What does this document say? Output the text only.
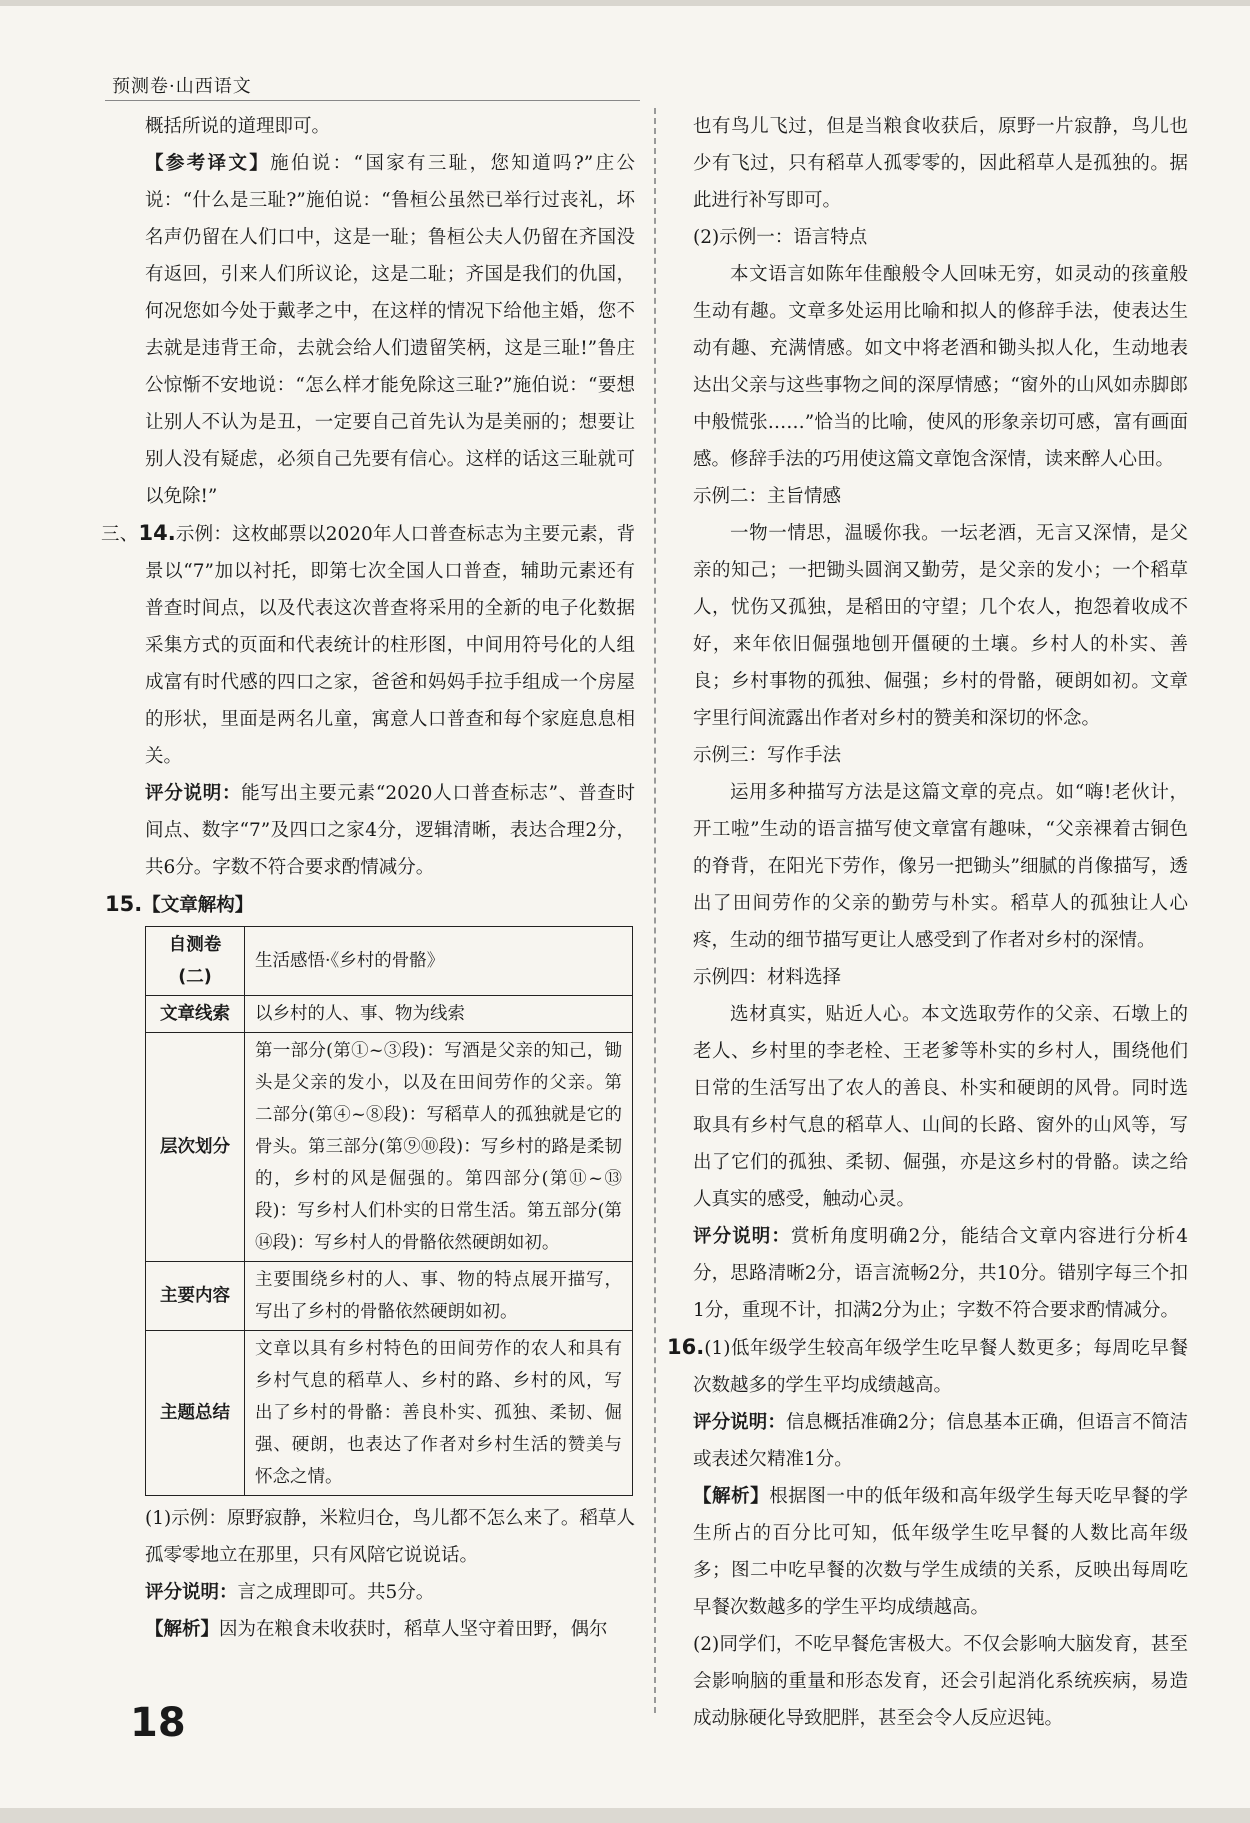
预测卷·山西语文

概括所说的道理即可。

【参考译文】施伯说：“国家有三耻，您知道吗?”庄公说：“什么是三耻?”施伯说：“鲁桓公虽然已举行过丧礼，坏名声仍留在人们口中，这是一耻；鲁桓公夫人仍留在齐国没有返回，引来人们所议论，这是二耻；齐国是我们的仇国，何况您如今处于戴孝之中，在这样的情况下给他主婚，您不去就是违背王命，去就会给人们遗留笑柄，这是三耻!”鲁庄公惊惭不安地说：“怎么样才能免除这三耻?”施伯说：“要想让别人不认为是丑，一定要自己首先认为是美丽的；想要让别人没有疑虑，必须自己先要有信心。这样的话这三耻就可以免除!”

三、14.示例：这枚邮票以2020年人口普查标志为主要元素，背景以“7”加以衬托，即第七次全国人口普查，辅助元素还有普查时间点，以及代表这次普查将采用的全新的电子化数据采集方式的页面和代表统计的柱形图，中间用符号化的人组成富有时代感的四口之家，爸爸和妈妈手拉手组成一个房屋的形状，里面是两名儿童，寓意人口普查和每个家庭息息相关。

评分说明：能写出主要元素“2020人口普查标志”、普查时间点、数字“7”及四口之家4分，逻辑清晰，表达合理2分，共6分。字数不符合要求酌情减分。

15.【文章解构】

自测卷(二)	生活感悟·《乡村的骨骼》
文章线索	以乡村的人、事、物为线索
层次划分	第一部分(第①~③段)：写酒是父亲的知己，锄头是父亲的发小，以及在田间劳作的父亲。第二部分(第④~⑧段)：写稻草人的孤独就是它的骨头。第三部分(第⑨⑩段)：写乡村的路是柔韧的，乡村的风是倔强的。第四部分(第⑪~⑬段)：写乡村人们朴实的日常生活。第五部分(第⑭段)：写乡村人的骨骼依然硬朗如初。
主要内容	主要围绕乡村的人、事、物的特点展开描写，写出了乡村的骨骼依然硬朗如初。
主题总结	文章以具有乡村特色的田间劳作的农人和具有乡村气息的稻草人、乡村的路、乡村的风，写出了乡村的骨骼：善良朴实、孤独、柔韧、倔强、硬朗，也表达了作者对乡村生活的赞美与怀念之情。

(1)示例：原野寂静，米粒归仓，鸟儿都不怎么来了。稻草人孤零零地立在那里，只有风陪它说说话。

评分说明：言之成理即可。共5分。

【解析】因为在粮食未收获时，稻草人坚守着田野，偶尔

也有鸟儿飞过，但是当粮食收获后，原野一片寂静，鸟儿也少有飞过，只有稻草人孤零零的，因此稻草人是孤独的。据此进行补写即可。

(2)示例一：语言特点

本文语言如陈年佳酿般令人回味无穷，如灵动的孩童般生动有趣。文章多处运用比喻和拟人的修辞手法，使表达生动有趣、充满情感。如文中将老酒和锄头拟人化，生动地表达出父亲与这些事物之间的深厚情感；“窗外的山风如赤脚郎中般慌张……”恰当的比喻，使风的形象亲切可感，富有画面感。修辞手法的巧用使这篇文章饱含深情，读来醉人心田。

示例二：主旨情感

一物一情思，温暖你我。一坛老酒，无言又深情，是父亲的知己；一把锄头圆润又勤劳，是父亲的发小；一个稻草人，忧伤又孤独，是稻田的守望；几个农人，抱怨着收成不好，来年依旧倔强地刨开僵硬的土壤。乡村人的朴实、善良；乡村事物的孤独、倔强；乡村的骨骼，硬朗如初。文章字里行间流露出作者对乡村的赞美和深切的怀念。

示例三：写作手法

运用多种描写方法是这篇文章的亮点。如“嗨!老伙计，开工啦”生动的语言描写使文章富有趣味，“父亲裸着古铜色的脊背，在阳光下劳作，像另一把锄头”细腻的肖像描写，透出了田间劳作的父亲的勤劳与朴实。稻草人的孤独让人心疼，生动的细节描写更让人感受到了作者对乡村的深情。

示例四：材料选择

选材真实，贴近人心。本文选取劳作的父亲、石墩上的老人、乡村里的李老栓、王老爹等朴实的乡村人，围绕他们日常的生活写出了农人的善良、朴实和硬朗的风骨。同时选取具有乡村气息的稻草人、山间的长路、窗外的山风等，写出了它们的孤独、柔韧、倔强，亦是这乡村的骨骼。读之给人真实的感受，触动心灵。

评分说明：赏析角度明确2分，能结合文章内容进行分析4分，思路清晰2分，语言流畅2分，共10分。错别字每三个扣1分，重现不计，扣满2分为止；字数不符合要求酌情减分。

16.(1)低年级学生较高年级学生吃早餐人数更多；每周吃早餐次数越多的学生平均成绩越高。

评分说明：信息概括准确2分；信息基本正确，但语言不简洁或表述欠精准1分。

【解析】根据图一中的低年级和高年级学生每天吃早餐的学生所占的百分比可知，低年级学生吃早餐的人数比高年级多；图二中吃早餐的次数与学生成绩的关系，反映出每周吃早餐次数越多的学生平均成绩越高。

(2)同学们，不吃早餐危害极大。不仅会影响大脑发育，甚至会影响脑的重量和形态发育，还会引起消化系统疾病，易造成动脉硬化导致肥胖，甚至会令人反应迟钝。

18
